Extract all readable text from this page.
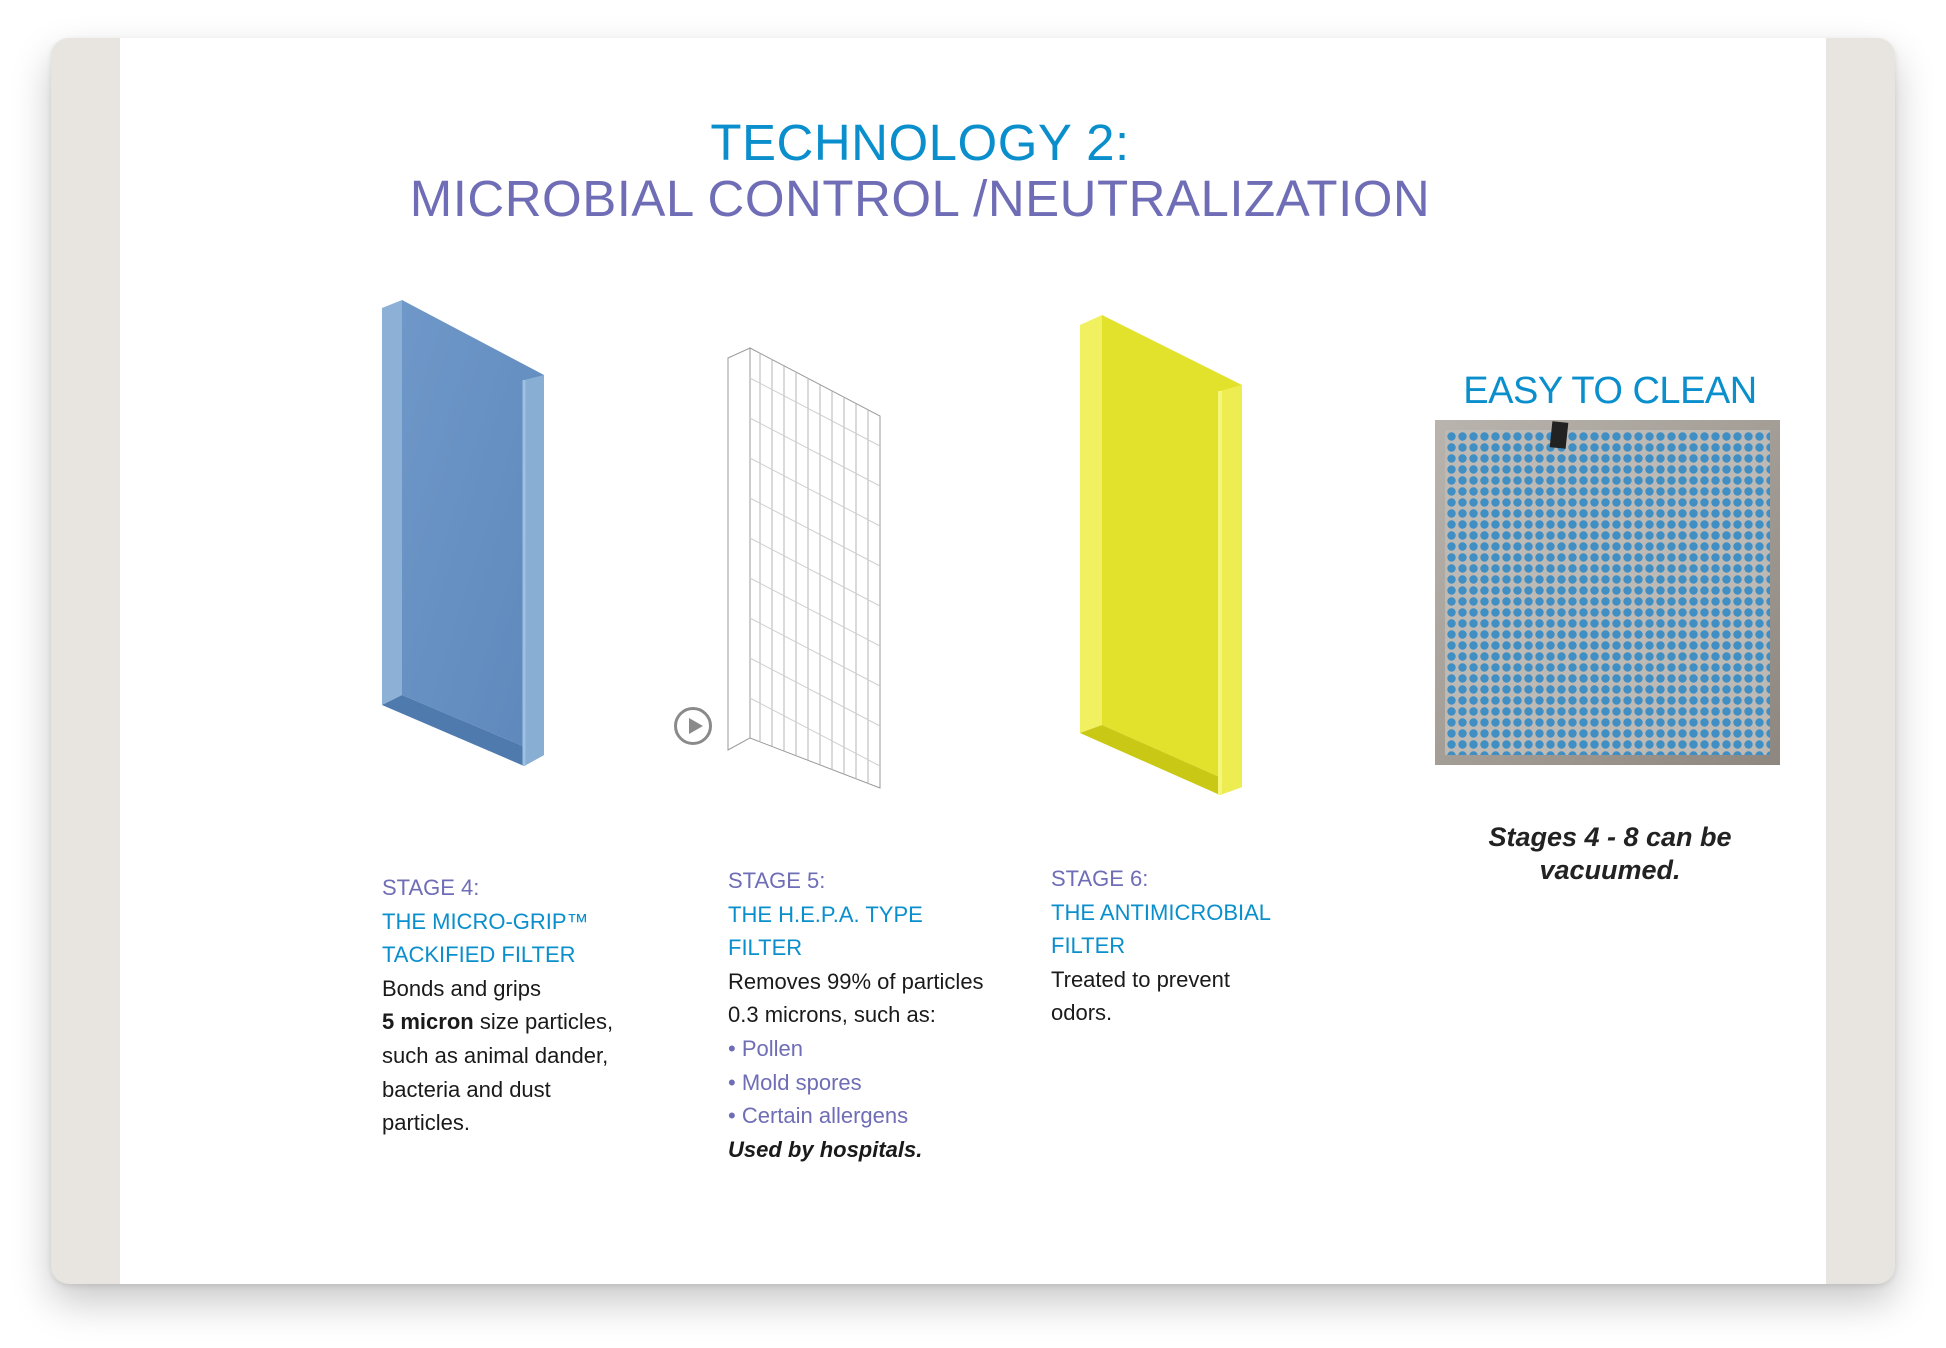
TECHNOLOGY 2:
MICROBIAL CONTROL /NEUTRALIZATION
EASY TO CLEAN
STAGE 4:
THE MICRO-GRIP™
TACKIFIED FILTER
Bonds and grips
5 micron size particles,
such as animal dander,
bacteria and dust
particles.
STAGE 5:
THE H.E.P.A. TYPE
FILTER
Removes 99% of particles
0.3 microns, such as:
• Pollen
• Mold spores
• Certain allergens
Used by hospitals.
STAGE 6:
THE ANTIMICROBIAL
FILTER
Treated to prevent
odors.
Stages 4 - 8 can be
vacuumed.
